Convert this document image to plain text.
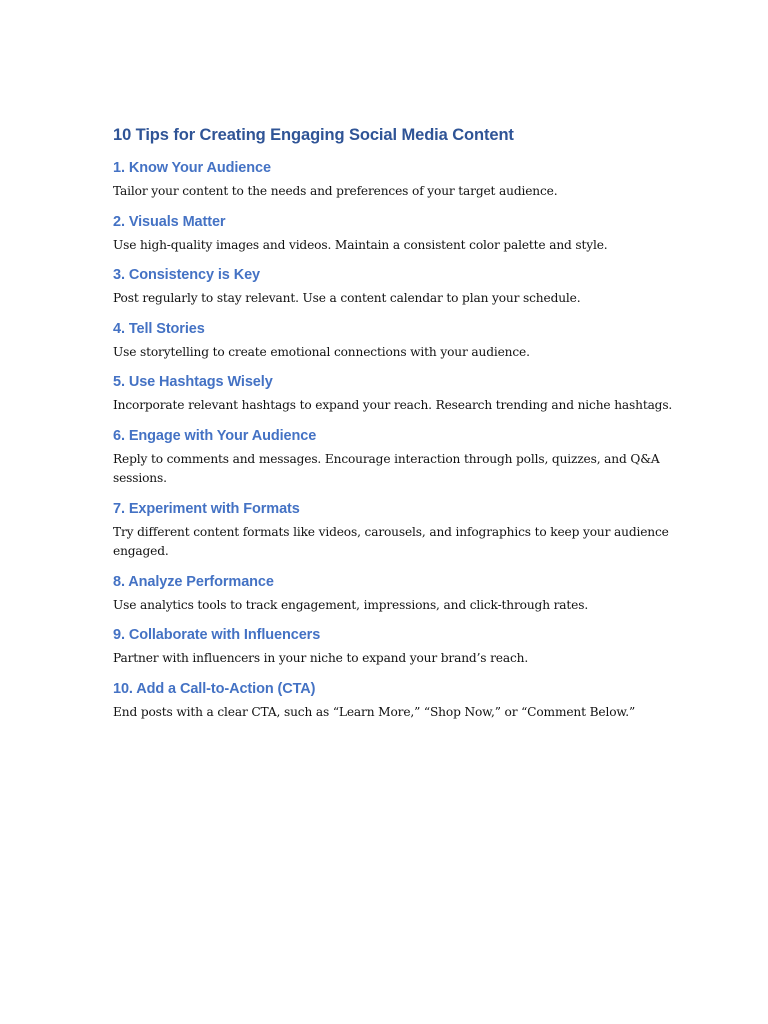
10 Tips for Creating Engaging Social Media Content
1. Know Your Audience

Tailor your content to the needs and preferences of your target audience.

2. Visuals Matter

Use high-quality images and videos. Maintain a consistent color palette and style.

3. Consistency is Key

Post regularly to stay relevant. Use a content calendar to plan your schedule.

4. Tell Stories

Use storytelling to create emotional connections with your audience.

5. Use Hashtags Wisely

Incorporate relevant hashtags to expand your reach. Research trending and niche hashtags.

6. Engage with Your Audience

Reply to comments and messages. Encourage interaction through polls, quizzes, and Q&A sessions.

7. Experiment with Formats

Try different content formats like videos, carousels, and infographics to keep your audience engaged.

8. Analyze Performance

Use analytics tools to track engagement, impressions, and click-through rates.

9. Collaborate with Influencers

Partner with influencers in your niche to expand your brand’s reach.

10. Add a Call-to-Action (CTA)

End posts with a clear CTA, such as “Learn More,” “Shop Now,” or “Comment Below.”
